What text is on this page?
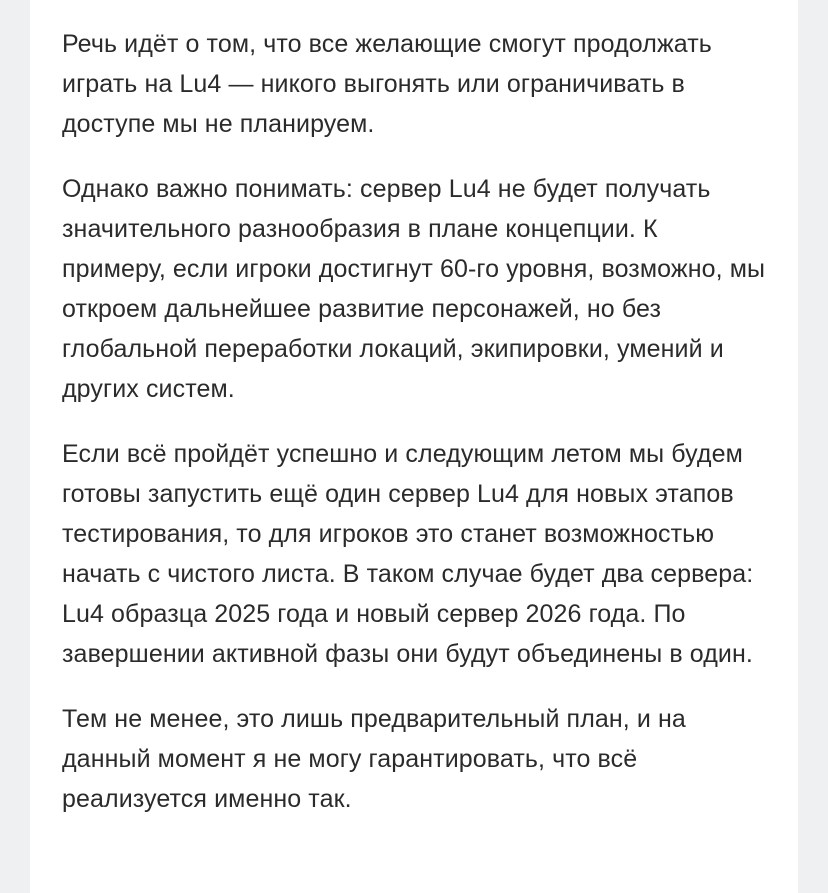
Речь идёт о том, что все желающие смогут продолжать играть на Lu4 — никого выгонять или ограничивать в доступе мы не планируем.

Однако важно понимать: сервер Lu4 не будет получать значительного разнообразия в плане концепции. К примеру, если игроки достигнут 60-го уровня, возможно, мы откроем дальнейшее развитие персонажей, но без глобальной переработки локаций, экипировки, умений и других систем.

Если всё пройдёт успешно и следующим летом мы будем готовы запустить ещё один сервер Lu4 для новых этапов тестирования, то для игроков это станет возможностью начать с чистого листа. В таком случае будет два сервера: Lu4 образца 2025 года и новый сервер 2026 года. По завершении активной фазы они будут объединены в один.

Тем не менее, это лишь предварительный план, и на данный момент я не могу гарантировать, что всё реализуется именно так.
